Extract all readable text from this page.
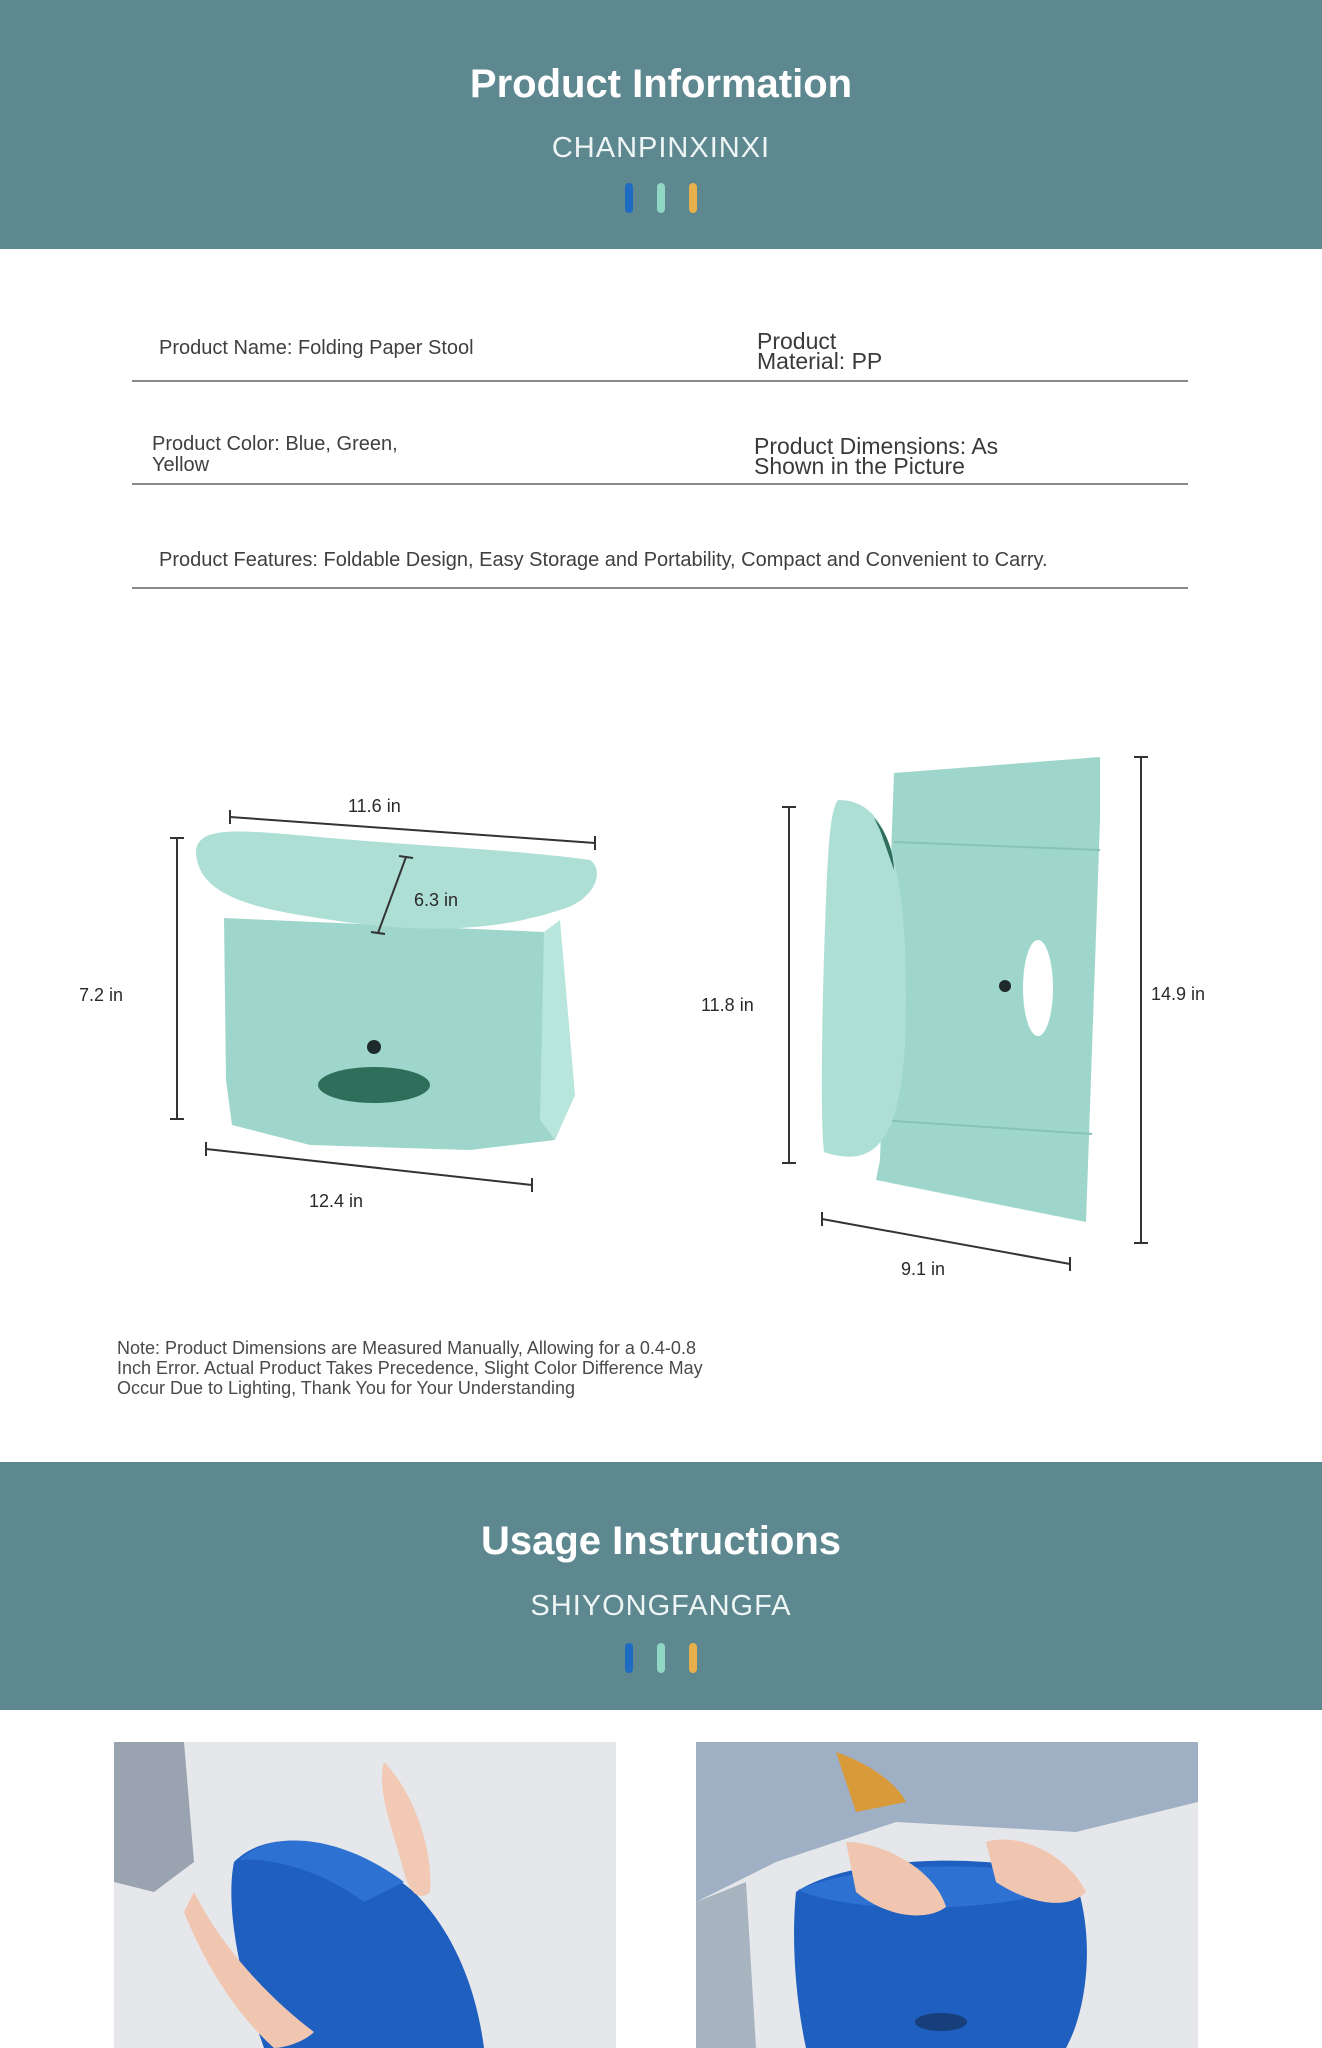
Product Information
CHANPINXINXI
Product Name: Folding Paper Stool	Product
Material: PP
Product Color: Blue, Green,
Yellow
Product Dimensions: As
Shown in the Picture
Product Features: Foldable Design, Easy Storage and Portability, Compact and Convenient to Carry.
11.6 in
6.3 in
7.2 in
12.4 in
11.8 in
14.9 in
9.1 in
Note: Product Dimensions are Measured Manually, Allowing for a 0.4-0.8
Inch Error. Actual Product Takes Precedence, Slight Color Difference May
Occur Due to Lighting, Thank You for Your Understanding
Usage Instructions
SHIYONGFANGFA
